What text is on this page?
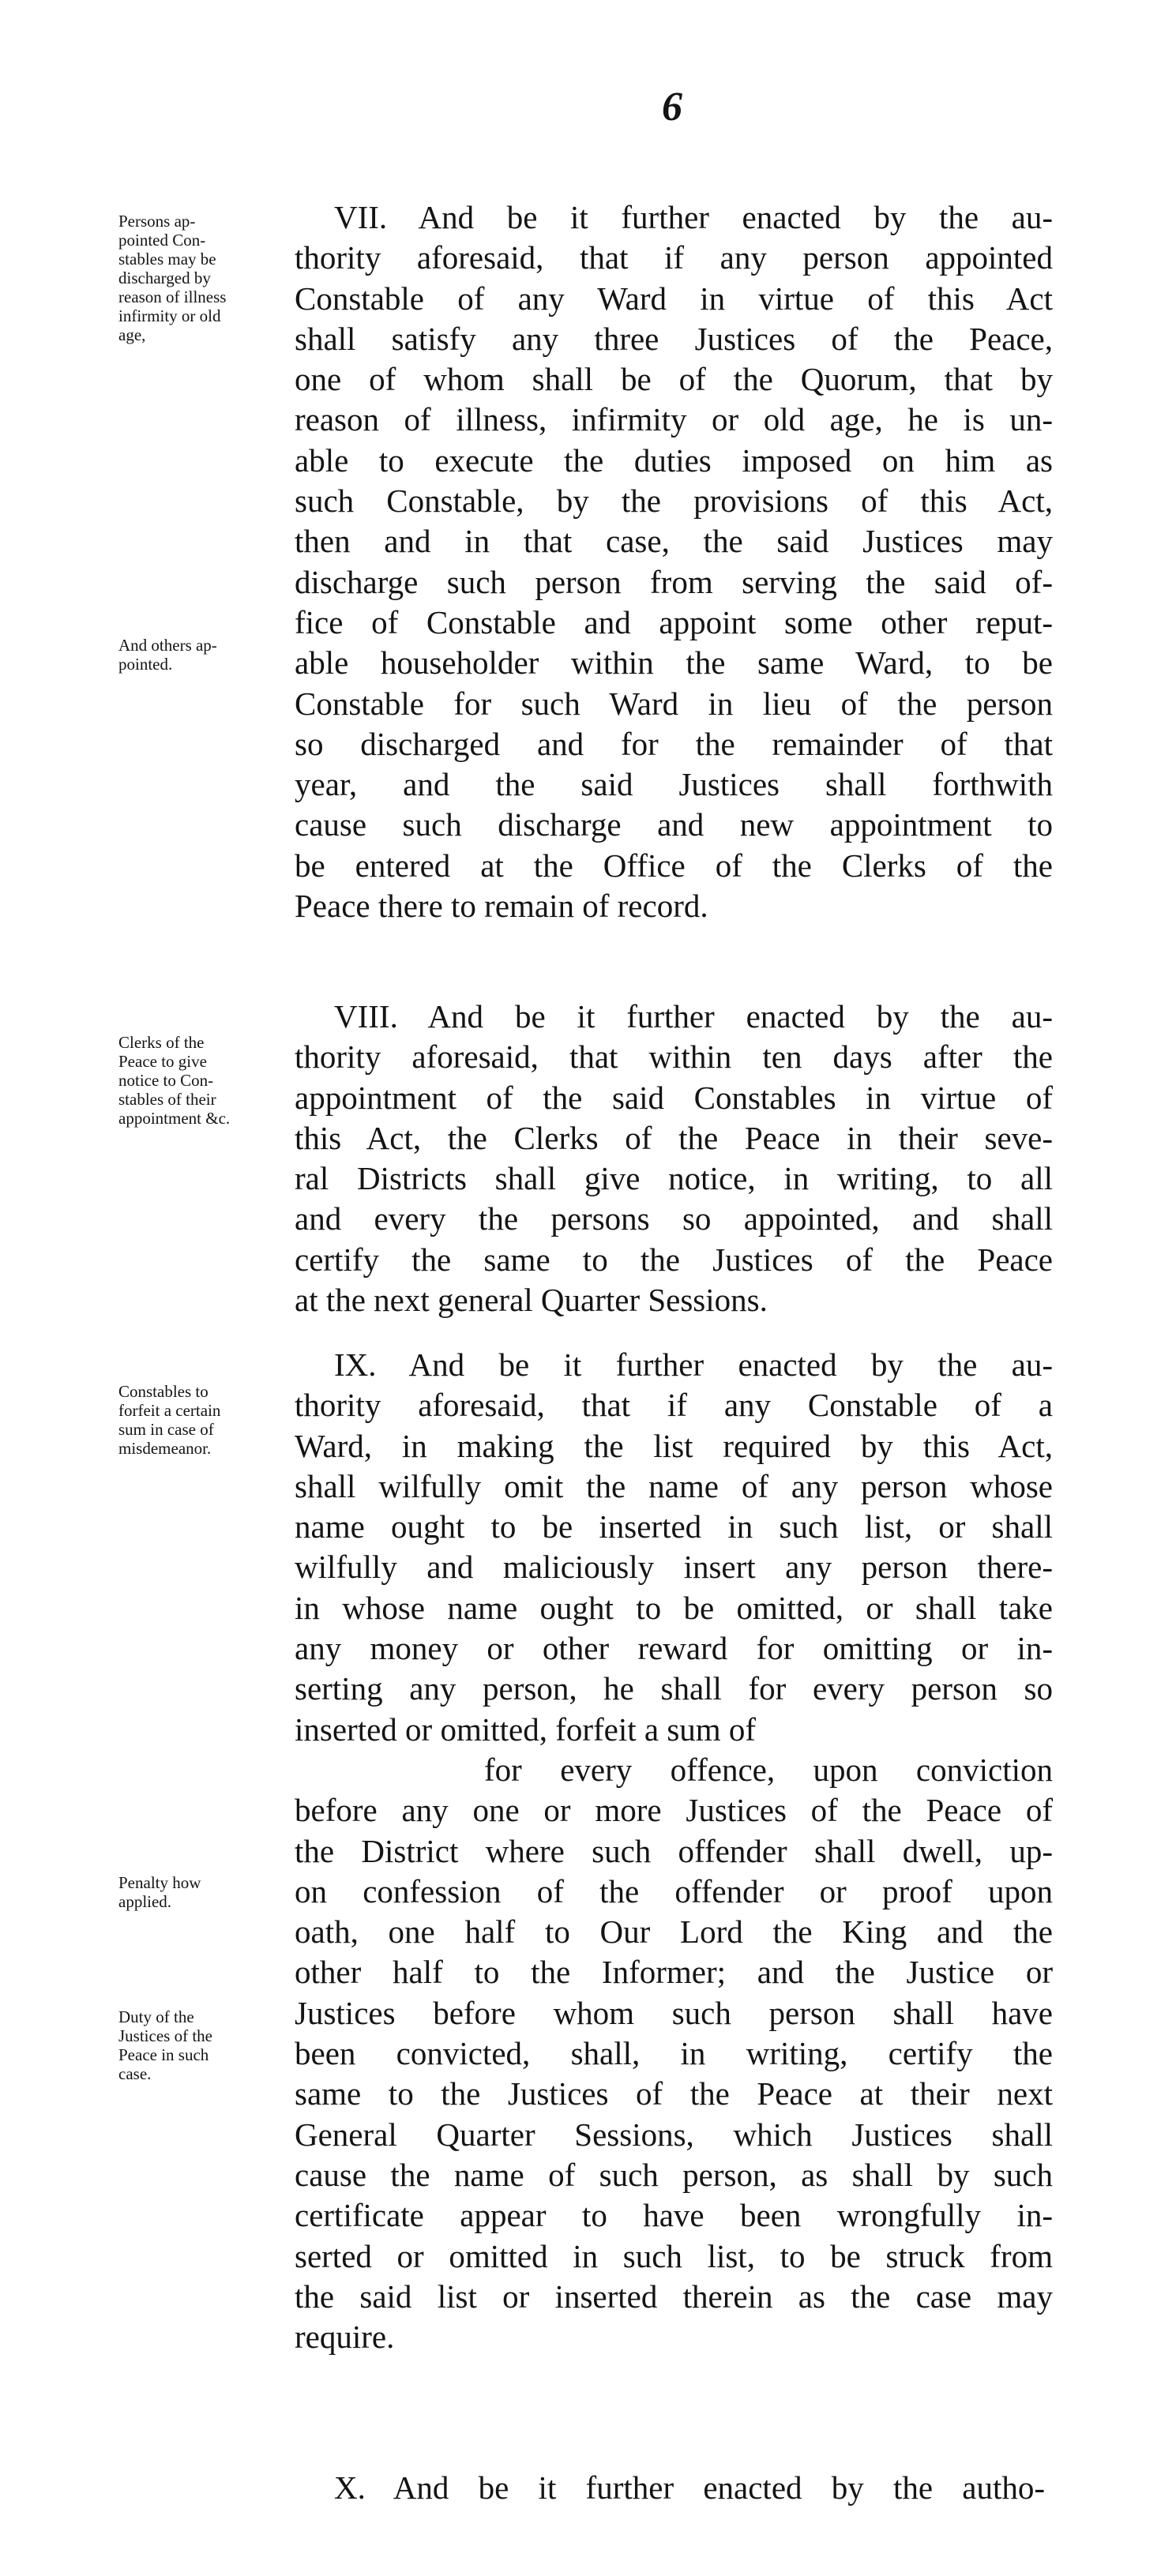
6
Persons ap-
pointed Con-
stables may be
discharged by
reason of illness
infirmity or old
age,
And others ap-
pointed.
Clerks of the
Peace to give
notice to Con-
stables of their
appointment &c.
Constables to
forfeit a certain
sum in case of
misdemeanor.
Penalty how
applied.
Duty of the
Justices of the
Peace in such
case.
VII. And be it further enacted by the au-
thority aforesaid, that if any person appointed
Constable of any Ward in virtue of this Act
shall satisfy any three Justices of the Peace,
one of whom shall be of the Quorum, that by
reason of illness, infirmity or old age, he is un-
able to execute the duties imposed on him as
such Constable, by the provisions of this Act,
then and in that case, the said Justices may
discharge such person from serving the said of-
fice of Constable and appoint some other reput-
able householder within the same Ward, to be
Constable for such Ward in lieu of the person
so discharged and for the remainder of that
year, and the said Justices shall forthwith
cause such discharge and new appointment to
be entered at the Office of the Clerks of the
Peace there to remain of record.
VIII. And be it further enacted by the au-
thority aforesaid, that within ten days after the
appointment of the said Constables in virtue of
this Act, the Clerks of the Peace in their seve-
ral Districts shall give notice, in writing, to all
and every the persons so appointed, and shall
certify the same to the Justices of the Peace
at the next general Quarter Sessions.
IX. And be it further enacted by the au-
thority aforesaid, that if any Constable of a
Ward, in making the list required by this Act,
shall wilfully omit the name of any person whose
name ought to be inserted in such list, or shall
wilfully and maliciously insert any person there-
in whose name ought to be omitted, or shall take
any money or other reward for omitting or in-
serting any person, he shall for every person so
inserted or omitted, forfeit a sum of
for every offence, upon conviction
before any one or more Justices of the Peace of
the District where such offender shall dwell, up-
on confession of the offender or proof upon
oath, one half to Our Lord the King and the
other half to the Informer; and the Justice or
Justices before whom such person shall have
been convicted, shall, in writing, certify the
same to the Justices of the Peace at their next
General Quarter Sessions, which Justices shall
cause the name of such person, as shall by such
certificate appear to have been wrongfully in-
serted or omitted in such list, to be struck from
the said list or inserted therein as the case may
require.
X. And be it further enacted by the autho-
